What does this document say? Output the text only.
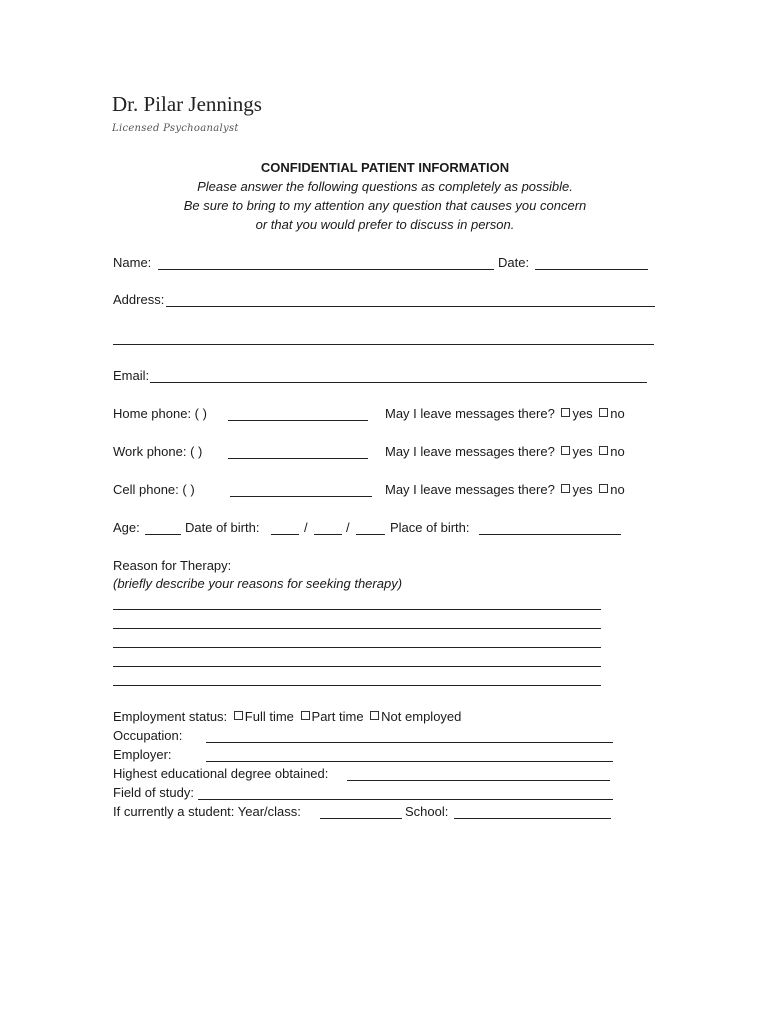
Dr. Pilar Jennings
Licensed Psychoanalyst
CONFIDENTIAL PATIENT INFORMATION
Please answer the following questions as completely as possible.
Be sure to bring to my attention any question that causes you concern
or that you would prefer to discuss in person.
Name:	Date:
Address:
Email:
Home phone: ( )	May I leave messages there? yes no
Work phone: ( )	May I leave messages there? yes no
Cell phone: ( )	May I leave messages there? yes no
Age:	Date of birth:	/	/	Place of birth:
Reason for Therapy:
(briefly describe your reasons for seeking therapy)
Employment status: Full time Part time Not employed
Occupation:
Employer:
Highest educational degree obtained:
Field of study:
If currently a student: Year/class:	School:
